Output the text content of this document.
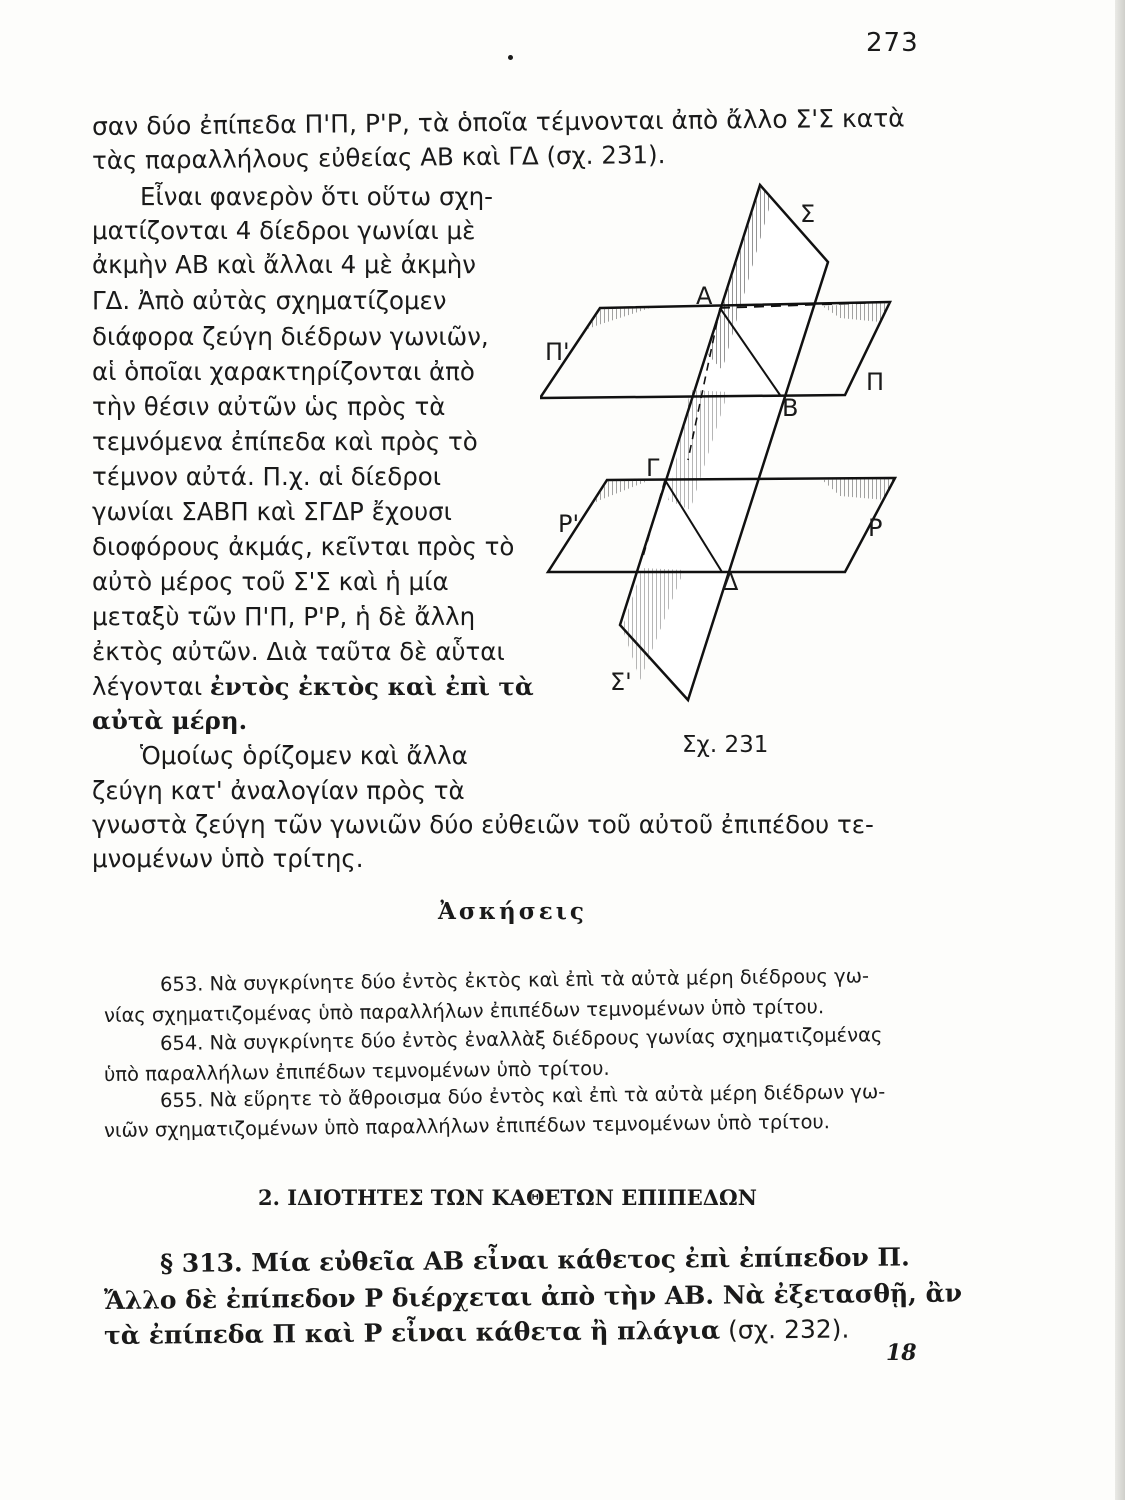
273
σαν δύο ἐπίπεδα Π'Π, Ρ'Ρ, τὰ ὁποῖα τέμνονται ἀπὸ ἄλλο Σ'Σ κατὰ
τὰς παραλλήλους εὐθείας ΑΒ καὶ ΓΔ (σχ. 231).
Εἶναι φανερὸν ὅτι οὕτω σχη-
ματίζονται 4 δίεδροι γωνίαι μὲ
ἀκμὴν ΑΒ καὶ ἄλλαι 4 μὲ ἀκμὴν
ΓΔ. Ἀπὸ αὐτὰς σχηματίζομεν
διάφορα ζεύγη διέδρων γωνιῶν,
αἱ ὁποῖαι χαρακτηρίζονται ἀπὸ
τὴν θέσιν αὐτῶν ὡς πρὸς τὰ
τεμνόμενα ἐπίπεδα καὶ πρὸς τὸ
τέμνον αὐτά. Π.χ. αἱ δίεδροι
γωνίαι ΣΑΒΠ καὶ ΣΓΔΡ ἔχουσι
διοφόρους ἀκμάς, κεῖνται πρὸς τὸ
αὐτὸ μέρος τοῦ Σ'Σ καὶ ἡ μία
μεταξὺ τῶν Π'Π, Ρ'Ρ, ἡ δὲ ἄλλη
ἐκτὸς αὐτῶν. Διὰ ταῦτα δὲ αὗται
λέγονται ἐντὸς ἐκτὸς καὶ ἐπὶ τὰ
αὐτὰ μέρη.
Ὁμοίως ὁρίζομεν καὶ ἄλλα
ζεύγη κατ' ἀναλογίαν πρὸς τὰ
γνωστὰ ζεύγη τῶν γωνιῶν δύο εὐθειῶν τοῦ αὐτοῦ ἐπιπέδου τε-
μνομένων ὑπὸ τρίτης.
Σ
Σ'
Π
Π'
Ρ
Ρ'
Α
Β
Γ
Δ
Σχ. 231
Ἀσκήσεις
653. Νὰ συγκρίνητε δύο ἐντὸς ἐκτὸς καὶ ἐπὶ τὰ αὐτὰ μέρη διέδρους γω-
νίας σχηματιζομένας ὑπὸ παραλλήλων ἐπιπέδων τεμνομένων ὑπὸ τρίτου.
654. Νὰ συγκρίνητε δύο ἐντὸς ἐναλλὰξ διέδρους γωνίας σχηματιζομένας
ὑπὸ παραλλήλων ἐπιπέδων τεμνομένων ὑπὸ τρίτου.
655. Νὰ εὕρητε τὸ ἄθροισμα δύο ἐντὸς καὶ ἐπὶ τὰ αὐτὰ μέρη διέδρων γω-
νιῶν σχηματιζομένων ὑπὸ παραλλήλων ἐπιπέδων τεμνομένων ὑπὸ τρίτου.
2. ΙΔΙΟΤΗΤΕΣ ΤΩΝ ΚΑΘΕΤΩΝ ΕΠΙΠΕΔΩΝ
§ 313. Μία εὐθεῖα ΑΒ εἶναι κάθετος ἐπὶ ἐπίπεδον Π.
Ἄλλο δὲ ἐπίπεδον Ρ διέρχεται ἀπὸ τὴν ΑΒ. Νὰ ἐξετασθῇ, ἂν
τὰ ἐπίπεδα Π καὶ Ρ εἶναι κάθετα ἢ πλάγια (σχ. 232).
18
